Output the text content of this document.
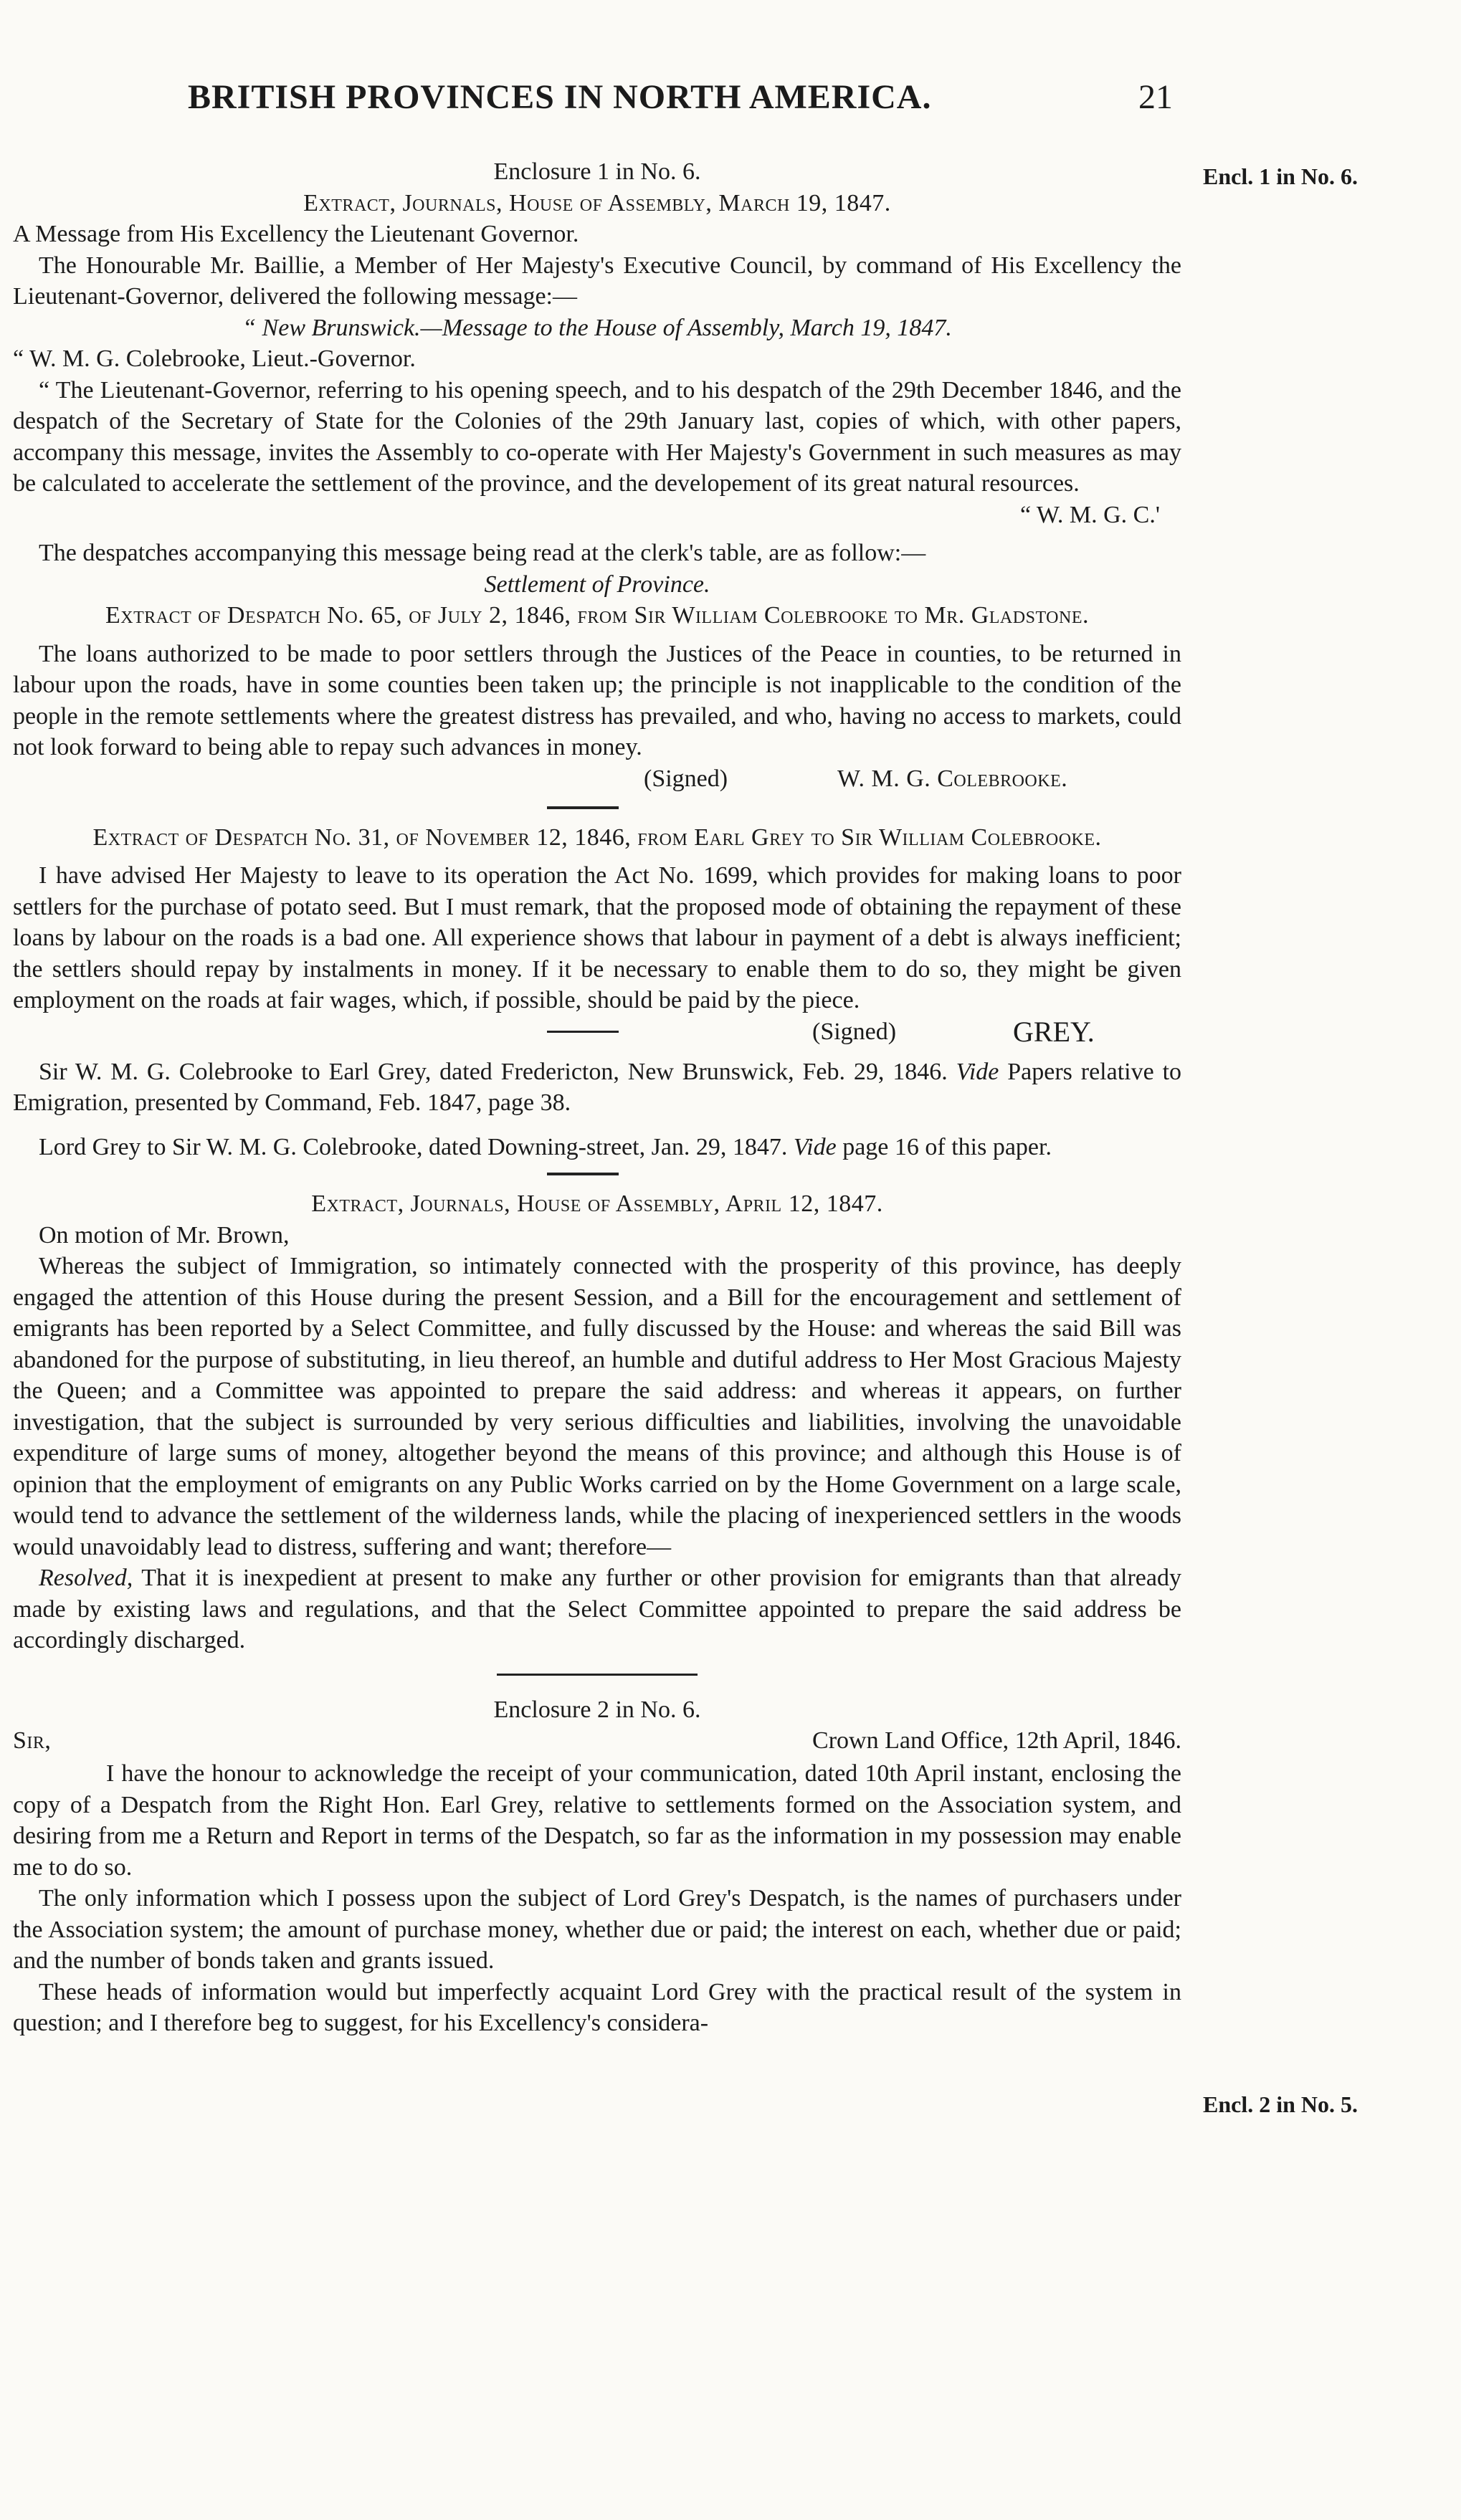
BRITISH PROVINCES IN NORTH AMERICA.	21
Encl. 1 in No. 6.
Encl. 2 in No. 5.

Enclosure 1 in No. 6.

Extract, Journals, House of Assembly, March 19, 1847.

A Message from His Excellency the Lieutenant Governor.

The Honourable Mr. Baillie, a Member of Her Majesty's Executive Council, by command of His Excellency the Lieutenant-Governor, delivered the following message:—

“ New Brunswick.—Message to the House of Assembly, March 19, 1847.

“ W. M. G. Colebrooke, Lieut.-Governor.

“ The Lieutenant-Governor, referring to his opening speech, and to his despatch of the 29th December 1846, and the despatch of the Secretary of State for the Colonies of the 29th January last, copies of which, with other papers, accompany this message, invites the Assembly to co-operate with Her Majesty's Government in such measures as may be calculated to accelerate the settlement of the province, and the developement of its great natural resources.

“ W. M. G. C.'

The despatches accompanying this message being read at the clerk's table, are as follow:—

Settlement of Province.

Extract of Despatch No. 65, of July 2, 1846, from Sir William Colebrooke to Mr. Gladstone.

The loans authorized to be made to poor settlers through the Justices of the Peace in counties, to be returned in labour upon the roads, have in some counties been taken up; the principle is not inapplicable to the condition of the people in the remote settlements where the greatest distress has prevailed, and who, having no access to markets, could not look forward to being able to repay such advances in money.

(Signed)	W. M. G. Colebrooke.

Extract of Despatch No. 31, of November 12, 1846, from Earl Grey to Sir William Colebrooke.

I have advised Her Majesty to leave to its operation the Act No. 1699, which provides for making loans to poor settlers for the purchase of potato seed. But I must remark, that the proposed mode of obtaining the repayment of these loans by labour on the roads is a bad one. All experience shows that labour in payment of a debt is always inefficient; the settlers should repay by instalments in money. If it be necessary to enable them to do so, they might be given employment on the roads at fair wages, which, if possible, should be paid by the piece.

(Signed)	GREY.

Sir W. M. G. Colebrooke to Earl Grey, dated Fredericton, New Brunswick, Feb. 29, 1846. Vide Papers relative to Emigration, presented by Command, Feb. 1847, page 38.

Lord Grey to Sir W. M. G. Colebrooke, dated Downing-street, Jan. 29, 1847. Vide page 16 of this paper.

Extract, Journals, House of Assembly, April 12, 1847.

On motion of Mr. Brown,

Whereas the subject of Immigration, so intimately connected with the prosperity of this province, has deeply engaged the attention of this House during the present Session, and a Bill for the encouragement and settlement of emigrants has been reported by a Select Committee, and fully discussed by the House: and whereas the said Bill was abandoned for the purpose of substituting, in lieu thereof, an humble and dutiful address to Her Most Gracious Majesty the Queen; and a Committee was appointed to prepare the said address: and whereas it appears, on further investigation, that the subject is surrounded by very serious difficulties and liabilities, involving the unavoidable expenditure of large sums of money, altogether beyond the means of this province; and although this House is of opinion that the employment of emigrants on any Public Works carried on by the Home Government on a large scale, would tend to advance the settlement of the wilderness lands, while the placing of inexperienced settlers in the woods would unavoidably lead to distress, suffering and want; therefore—

Resolved, That it is inexpedient at present to make any further or other provision for emigrants than that already made by existing laws and regulations, and that the Select Committee appointed to prepare the said address be accordingly discharged.

Enclosure 2 in No. 6.

Sir,	Crown Land Office, 12th April, 1846.

I have the honour to acknowledge the receipt of your communication, dated 10th April instant, enclosing the copy of a Despatch from the Right Hon. Earl Grey, relative to settlements formed on the Association system, and desiring from me a Return and Report in terms of the Despatch, so far as the information in my possession may enable me to do so.

The only information which I possess upon the subject of Lord Grey's Despatch, is the names of purchasers under the Association system; the amount of purchase money, whether due or paid; the interest on each, whether due or paid; and the number of bonds taken and grants issued.

These heads of information would but imperfectly acquaint Lord Grey with the practical result of the system in question; and I therefore beg to suggest, for his Excellency's considera-
